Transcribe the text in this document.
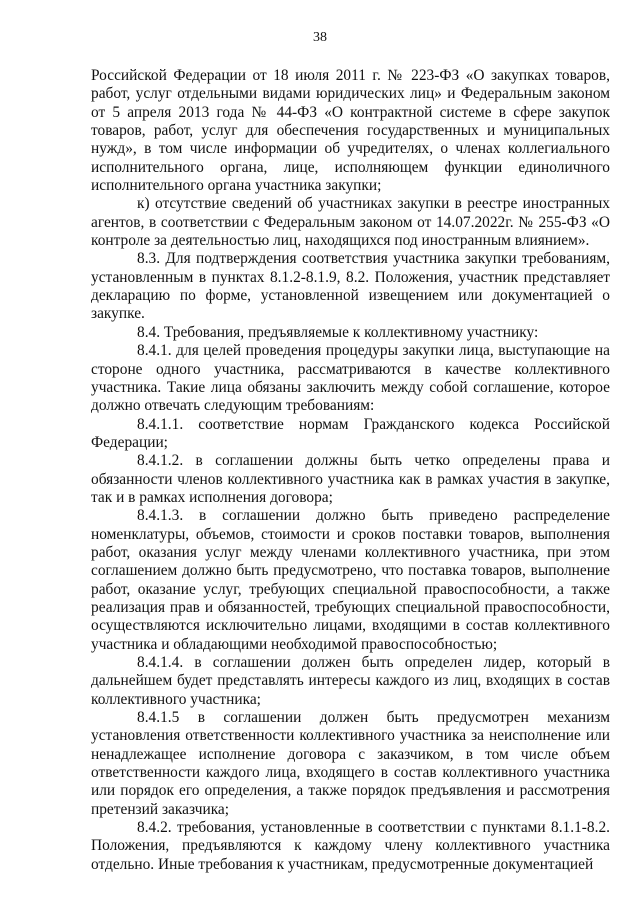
38

Российской Федерации от 18 июля 2011 г. № 223-ФЗ «О закупках товаров, работ, услуг отдельными видами юридических лиц» и Федеральным законом от 5 апреля 2013 года № 44-ФЗ «О контрактной системе в сфере закупок товаров, работ, услуг для обеспечения государственных и муниципальных нужд», в том числе информации об учредителях, о членах коллегиального исполнительного органа, лице, исполняющем функции единоличного исполнительного органа участника закупки;

к) отсутствие сведений об участниках закупки в реестре иностранных агентов, в соответствии с Федеральным законом от 14.07.2022г. № 255-ФЗ «О контроле за деятельностью лиц, находящихся под иностранным влиянием».

8.3. Для подтверждения соответствия участника закупки требованиям, установленным в пунктах 8.1.2-8.1.9, 8.2. Положения, участник представляет декларацию по форме, установленной извещением или документацией о закупке.

8.4. Требования, предъявляемые к коллективному участнику:

8.4.1. для целей проведения процедуры закупки лица, выступающие на стороне одного участника, рассматриваются в качестве коллективного участника. Такие лица обязаны заключить между собой соглашение, которое должно отвечать следующим требованиям:

8.4.1.1. соответствие нормам Гражданского кодекса Российской Федерации;

8.4.1.2. в соглашении должны быть четко определены права и обязанности членов коллективного участника как в рамках участия в закупке, так и в рамках исполнения договора;

8.4.1.3. в соглашении должно быть приведено распределение номенклатуры, объемов, стоимости и сроков поставки товаров, выполнения работ, оказания услуг между членами коллективного участника, при этом соглашением должно быть предусмотрено, что поставка товаров, выполнение работ, оказание услуг, требующих специальной правоспособности, а также реализация прав и обязанностей, требующих специальной правоспособности, осуществляются исключительно лицами, входящими в состав коллективного участника и обладающими необходимой правоспособностью;

8.4.1.4. в соглашении должен быть определен лидер, который в дальнейшем будет представлять интересы каждого из лиц, входящих в состав коллективного участника;

8.4.1.5 в соглашении должен быть предусмотрен механизм установления ответственности коллективного участника за неисполнение или ненадлежащее исполнение договора с заказчиком, в том числе объем ответственности каждого лица, входящего в состав коллективного участника или порядок его определения, а также порядок предъявления и рассмотрения претензий заказчика;

8.4.2. требования, установленные в соответствии с пунктами 8.1.1-8.2. Положения, предъявляются к каждому члену коллективного участника отдельно. Иные требования к участникам, предусмотренные документацией
